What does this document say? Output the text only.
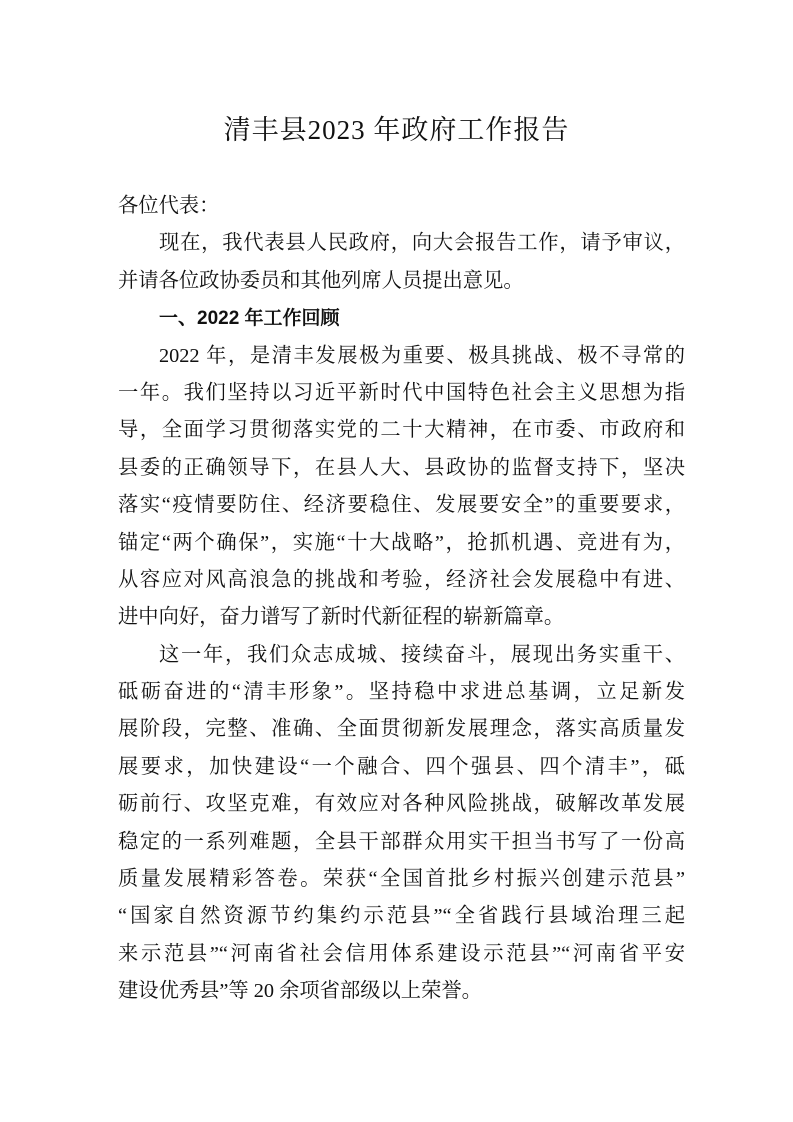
清丰县2023 年政府工作报告
各位代表：
现在，我代表县人民政府，向大会报告工作，请予审议，
并请各位政协委员和其他列席人员提出意见。
一、2022 年工作回顾
2022 年，是清丰发展极为重要、极具挑战、极不寻常的
一年。我们坚持以习近平新时代中国特色社会主义思想为指
导，全面学习贯彻落实党的二十大精神，在市委、市政府和
县委的正确领导下，在县人大、县政协的监督支持下，坚决
落实“疫情要防住、经济要稳住、发展要安全”的重要要求，
锚定“两个确保”，实施“十大战略”，抢抓机遇、竞进有为，
从容应对风高浪急的挑战和考验，经济社会发展稳中有进、
进中向好，奋力谱写了新时代新征程的崭新篇章。
这一年，我们众志成城、接续奋斗，展现出务实重干、
砥砺奋进的“清丰形象”。坚持稳中求进总基调，立足新发
展阶段，完整、准确、全面贯彻新发展理念，落实高质量发
展要求，加快建设“一个融合、四个强县、四个清丰”，砥
砺前行、攻坚克难，有效应对各种风险挑战，破解改革发展
稳定的一系列难题，全县干部群众用实干担当书写了一份高
质量发展精彩答卷。荣获“全国首批乡村振兴创建示范县”
“国家自然资源节约集约示范县”“全省践行县域治理三起
来示范县”“河南省社会信用体系建设示范县”“河南省平安
建设优秀县”等 20 余项省部级以上荣誉。
